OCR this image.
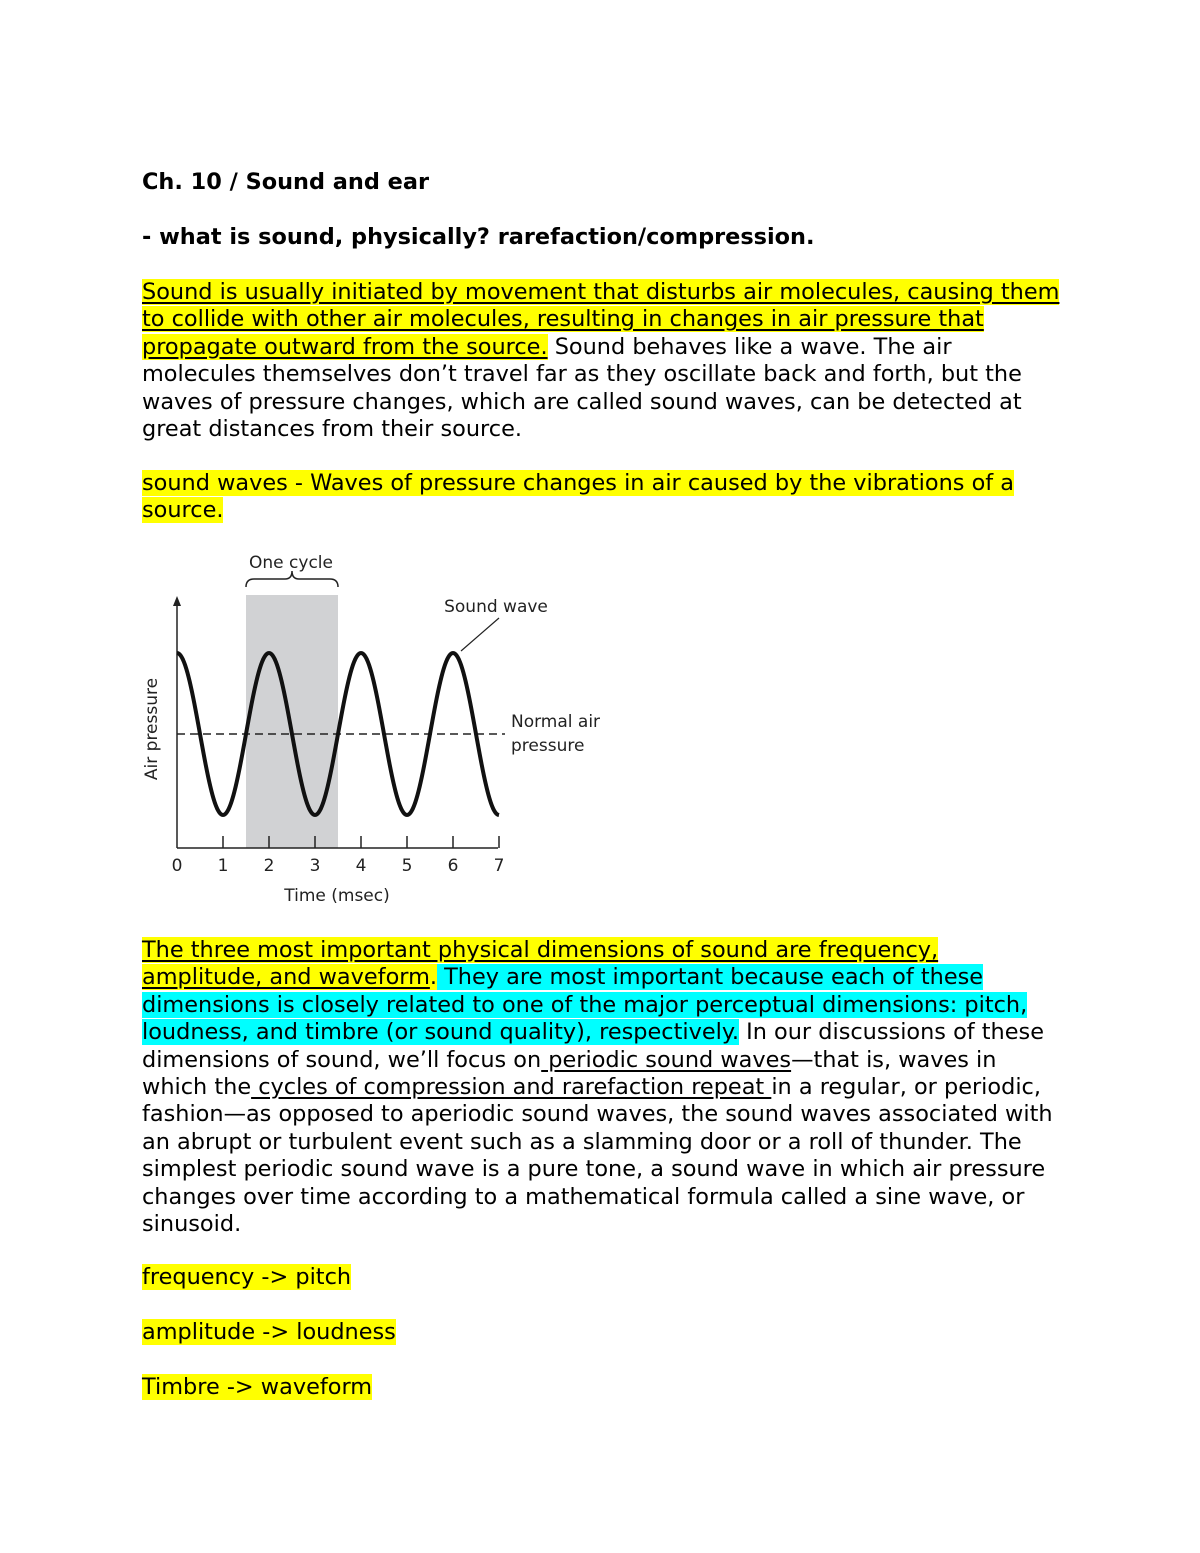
Ch. 10 / Sound and ear
- what is sound, physically? rarefaction/compression.
Sound is usually initiated by movement that disturbs air molecules, causing them to collide with other air molecules, resulting in changes in air pressure that propagate outward from the source. Sound behaves like a wave. The air molecules themselves don’t travel far as they oscillate back and forth, but the waves of pressure changes, which are called sound waves, can be detected at great distances from their source.
sound waves - Waves of pressure changes in air caused by the vibrations of a source.
One cycle
Sound wave
Normal air
pressure
Air pressure
0 1 2 3 4 5 6 7
Time (msec)
The three most important physical dimensions of sound are frequency, amplitude, and waveform. They are most important because each of these dimensions is closely related to one of the major perceptual dimensions: pitch, loudness, and timbre (or sound quality), respectively. In our discussions of these dimensions of sound, we’ll focus on periodic sound waves—that is, waves in which the cycles of compression and rarefaction repeat in a regular, or periodic, fashion—as opposed to aperiodic sound waves, the sound waves associated with an abrupt or turbulent event such as a slamming door or a roll of thunder. The simplest periodic sound wave is a pure tone, a sound wave in which air pressure changes over time according to a mathematical formula called a sine wave, or sinusoid.
frequency -> pitch
amplitude -> loudness
Timbre -> waveform
